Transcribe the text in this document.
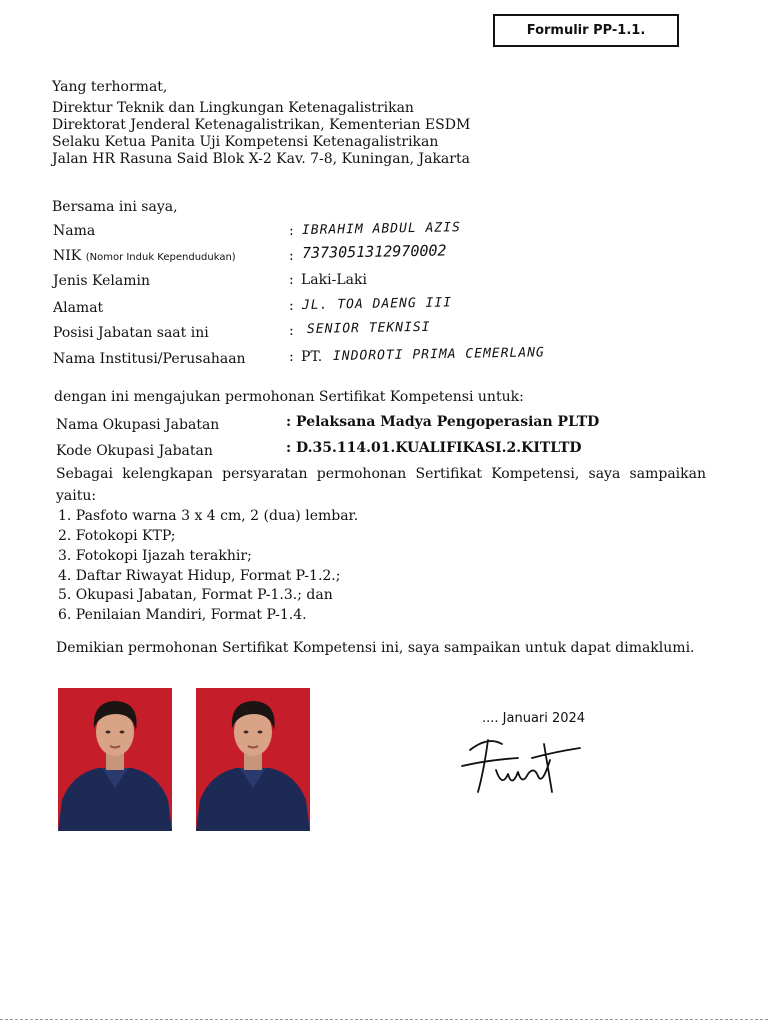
Formulir PP-1.1.
Yang terhormat,
Direktur Teknik dan Lingkungan Ketenagalistrikan
Direktorat Jenderal Ketenagalistrikan, Kementerian ESDM
Selaku Ketua Panita Uji Kompetensi Ketenagalistrikan
Jalan HR Rasuna Said Blok X-2 Kav. 7-8, Kuningan, Jakarta
Bersama ini saya,
Nama	: IBRAHIM ABDUL AZIS
NIK (Nomor Induk Kependudukan)	: 7373051312970002
Jenis Kelamin	: Laki-Laki
Alamat	: JL. TOA DAENG III
Posisi Jabatan saat ini	: SENIOR TEKNISI
Nama Institusi/Perusahaan	: PT. INDOROTI PRIMA CEMERLANG
dengan ini mengajukan permohonan Sertifikat Kompetensi untuk:
Nama Okupasi Jabatan	: Pelaksana Madya Pengoperasian PLTD
Kode Okupasi Jabatan	: D.35.114.01.KUALIFIKASI.2.KITLTD
Sebagai kelengkapan persyaratan permohonan Sertifikat Kompetensi, saya sampaikan yaitu:
1. Pasfoto warna 3 x 4 cm, 2 (dua) lembar.
2. Fotokopi KTP;
3. Fotokopi Ijazah terakhir;
4. Daftar Riwayat Hidup, Format P-1.2.;
5. Okupasi Jabatan, Format P-1.3.; dan
6. Penilaian Mandiri, Format P-1.4.
Demikian permohonan Sertifikat Kompetensi ini, saya sampaikan untuk dapat dimaklumi.
.... Januari 2024
